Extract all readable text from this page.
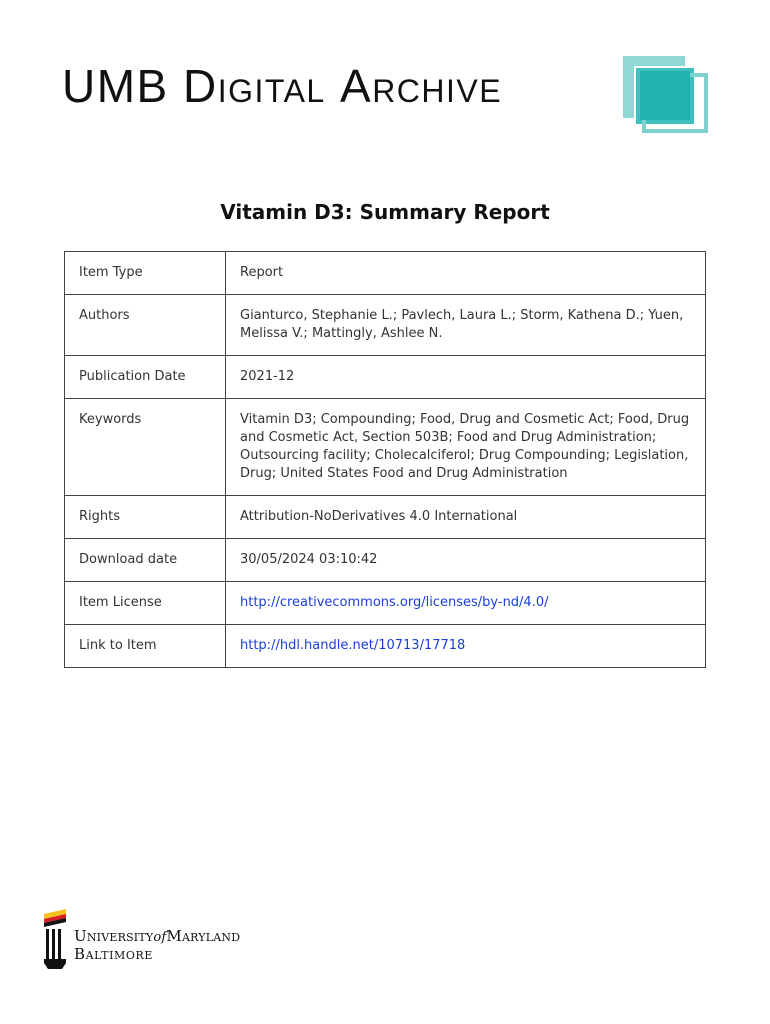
UMB Digital Archive
Vitamin D3: Summary Report
Item Type	Report
Authors	Gianturco, Stephanie L.; Pavlech, Laura L.; Storm, Kathena D.; Yuen, Melissa V.; Mattingly, Ashlee N.
Publication Date	2021-12
Keywords	Vitamin D3; Compounding; Food, Drug and Cosmetic Act; Food, Drug and Cosmetic Act, Section 503B; Food and Drug Administration; Outsourcing facility; Cholecalciferol; Drug Compounding; Legislation, Drug; United States Food and Drug Administration
Rights	Attribution-NoDerivatives 4.0 International
Download date	30/05/2024 03:10:42
Item License	http://creativecommons.org/licenses/by-nd/4.0/
Link to Item	http://hdl.handle.net/10713/17718
UniversityofMaryland
Baltimore
